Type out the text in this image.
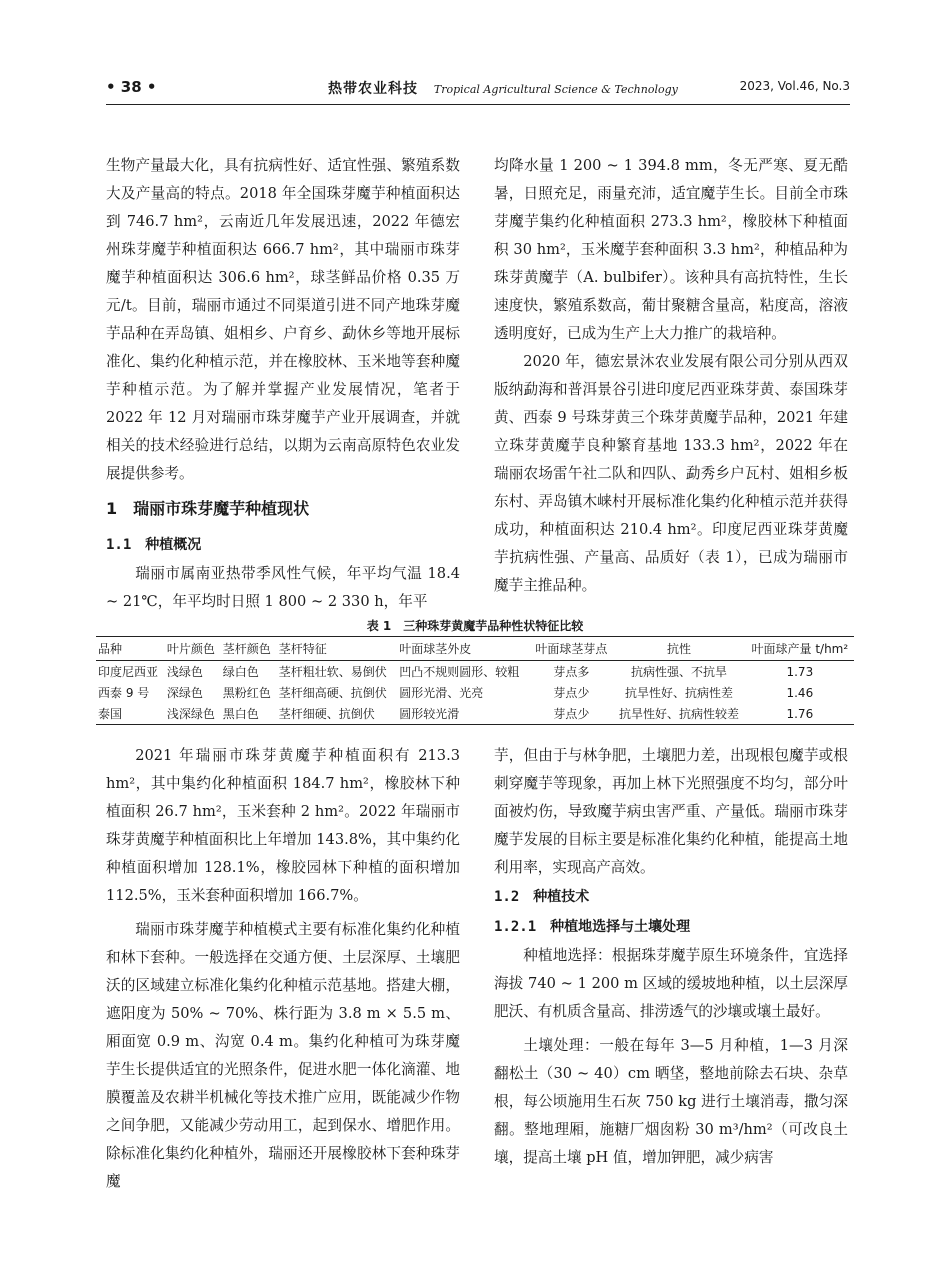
• 38 •	热带农业科技 Tropical Agricultural Science & Technology	2023, Vol.46, No.3

生物产量最大化，具有抗病性好、适宜性强、繁殖系数大及产量高的特点。2018 年全国珠芽魔芋种植面积达到 746.7 hm²，云南近几年发展迅速，2022 年德宏州珠芽魔芋种植面积达 666.7 hm²，其中瑞丽市珠芽魔芋种植面积达 306.6 hm²，球茎鲜品价格 0.35 万元/t。目前，瑞丽市通过不同渠道引进不同产地珠芽魔芋品种在弄岛镇、姐相乡、户育乡、勐休乡等地开展标准化、集约化种植示范，并在橡胶林、玉米地等套种魔芋种植示范。为了解并掌握产业发展情况，笔者于 2022 年 12 月对瑞丽市珠芽魔芋产业开展调查，并就相关的技术经验进行总结，以期为云南高原特色农业发展提供参考。

1　瑞丽市珠芽魔芋种植现状
1.1　种植概况

瑞丽市属南亚热带季风性气候，年平均气温 18.4 ~ 21℃，年平均时日照 1 800 ~ 2 330 h，年平

均降水量 1 200 ~ 1 394.8 mm，冬无严寒、夏无酷暑，日照充足，雨量充沛，适宜魔芋生长。目前全市珠芽魔芋集约化种植面积 273.3 hm²，橡胶林下种植面积 30 hm²，玉米魔芋套种面积 3.3 hm²，种植品种为珠芽黄魔芋（A. bulbifer）。该种具有高抗特性，生长速度快，繁殖系数高，葡甘聚糖含量高，粘度高，溶液透明度好，已成为生产上大力推广的栽培种。

2020 年，德宏景沐农业发展有限公司分别从西双版纳勐海和普洱景谷引进印度尼西亚珠芽黄、泰国珠芽黄、西泰 9 号珠芽黄三个珠芽黄魔芋品种，2021 年建立珠芽黄魔芋良种繁育基地 133.3 hm²，2022 年在瑞丽农场雷午社二队和四队、勐秀乡户瓦村、姐相乡板东村、弄岛镇木崃村开展标准化集约化种植示范并获得成功，种植面积达 210.4 hm²。印度尼西亚珠芽黄魔芋抗病性强、产量高、品质好（表 1），已成为瑞丽市魔芋主推品种。

表 1　三种珠芽黄魔芋品种性状特征比较
品种	叶片颜色	茎杆颜色	茎杆特征	叶面球茎外皮	叶面球茎芽点	抗性	叶面球产量 t/hm²
印度尼西亚	浅绿色	绿白色	茎杆粗壮软、易倒伏	凹凸不规则圆形、较粗	芽点多	抗病性强、不抗旱	1.73
西泰 9 号	深绿色	黑粉红色	茎杆细高硬、抗倒伏	圆形光滑、光亮	芽点少	抗旱性好、抗病性差	1.46
泰国	浅深绿色	黑白色	茎杆细硬、抗倒伏	圆形较光滑	芽点少	抗旱性好、抗病性较差	1.76

2021 年瑞丽市珠芽黄魔芋种植面积有 213.3 hm²，其中集约化种植面积 184.7 hm²，橡胶林下种植面积 26.7 hm²，玉米套种 2 hm²。2022 年瑞丽市珠芽黄魔芋种植面积比上年增加 143.8%，其中集约化种植面积增加 128.1%，橡胶园林下种植的面积增加 112.5%，玉米套种面积增加 166.7%。

瑞丽市珠芽魔芋种植模式主要有标准化集约化种植和林下套种。一般选择在交通方便、土层深厚、土壤肥沃的区域建立标准化集约化种植示范基地。搭建大棚，遮阳度为 50% ~ 70%、株行距为 3.8 m × 5.5 m、厢面宽 0.9 m、沟宽 0.4 m。集约化种植可为珠芽魔芋生长提供适宜的光照条件，促进水肥一体化滴灌、地膜覆盖及农耕半机械化等技术推广应用，既能减少作物之间争肥，又能减少劳动用工，起到保水、增肥作用。除标准化集约化种植外，瑞丽还开展橡胶林下套种珠芽魔

芋，但由于与林争肥，土壤肥力差，出现根包魔芋或根刺穿魔芋等现象，再加上林下光照强度不均匀，部分叶面被灼伤，导致魔芋病虫害严重、产量低。瑞丽市珠芽魔芋发展的目标主要是标准化集约化种植，能提高土地利用率，实现高产高效。

1.2　种植技术
1.2.1　种植地选择与土壤处理

种植地选择：根据珠芽魔芋原生环境条件，宜选择海拔 740 ~ 1 200 m 区域的缓坡地种植，以土层深厚肥沃、有机质含量高、排涝透气的沙壤或壤土最好。

土壤处理：一般在每年 3—5 月种植，1—3 月深翻松土（30 ~ 40）cm 晒垡，整地前除去石块、杂草根，每公顷施用生石灰 750 kg 进行土壤消毒，撒匀深翻。整地理厢，施糖厂烟囱粉 30 m³/hm²（可改良土壤，提高土壤 pH 值，增加钾肥，减少病害
